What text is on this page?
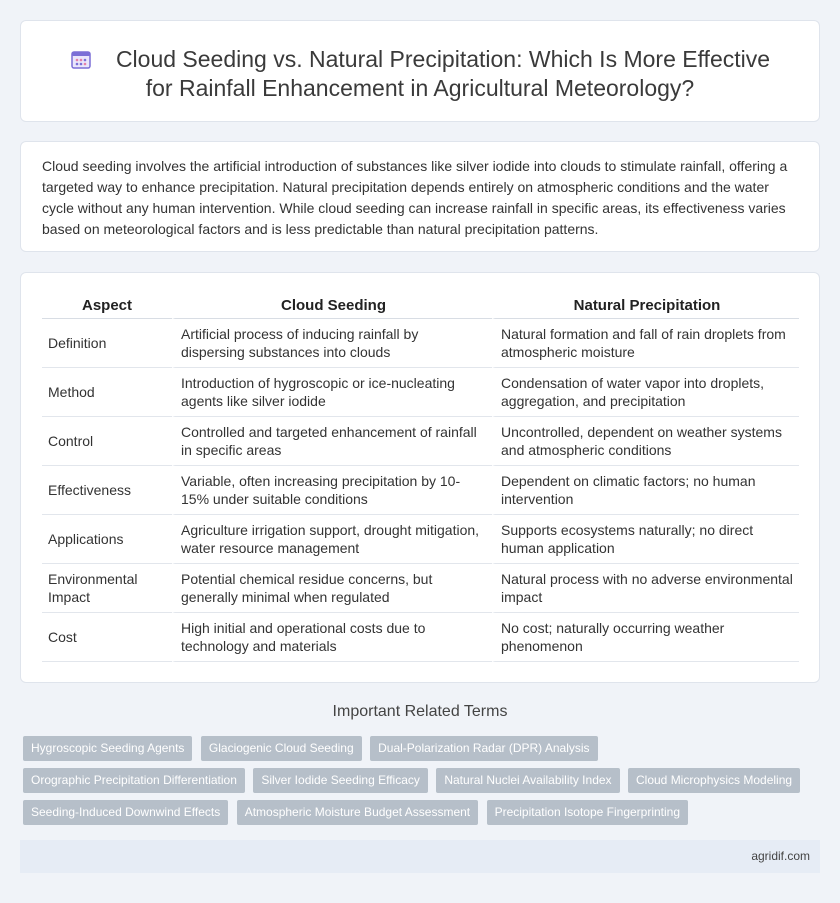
Cloud Seeding vs. Natural Precipitation: Which Is More Effective
for Rainfall Enhancement in Agricultural Meteorology?

Cloud seeding involves the artificial introduction of substances like silver iodide into clouds to stimulate rainfall, offering a targeted way to enhance precipitation. Natural precipitation depends entirely on atmospheric conditions and the water cycle without any human intervention. While cloud seeding can increase rainfall in specific areas, its effectiveness varies based on meteorological factors and is less predictable than natural precipitation patterns.

Aspect	Cloud Seeding	Natural Precipitation
Definition	Artificial process of inducing rainfall by dispersing substances into clouds	Natural formation and fall of rain droplets from atmospheric moisture
Method	Introduction of hygroscopic or ice-nucleating agents like silver iodide	Condensation of water vapor into droplets, aggregation, and precipitation
Control	Controlled and targeted enhancement of rainfall in specific areas	Uncontrolled, dependent on weather systems and atmospheric conditions
Effectiveness	Variable, often increasing precipitation by 10-15% under suitable conditions	Dependent on climatic factors; no human intervention
Applications	Agriculture irrigation support, drought mitigation, water resource management	Supports ecosystems naturally; no direct human application
Environmental Impact	Potential chemical residue concerns, but generally minimal when regulated	Natural process with no adverse environmental impact
Cost	High initial and operational costs due to technology and materials	No cost; naturally occurring weather phenomenon
Important Related Terms
Hygroscopic Seeding Agents Glaciogenic Cloud Seeding Dual-Polarization Radar (DPR) Analysis Orographic Precipitation Differentiation Silver Iodide Seeding Efficacy Natural Nuclei Availability Index Cloud Microphysics Modeling Seeding-Induced Downwind Effects Atmospheric Moisture Budget Assessment Precipitation Isotope Fingerprinting
agridif.com
